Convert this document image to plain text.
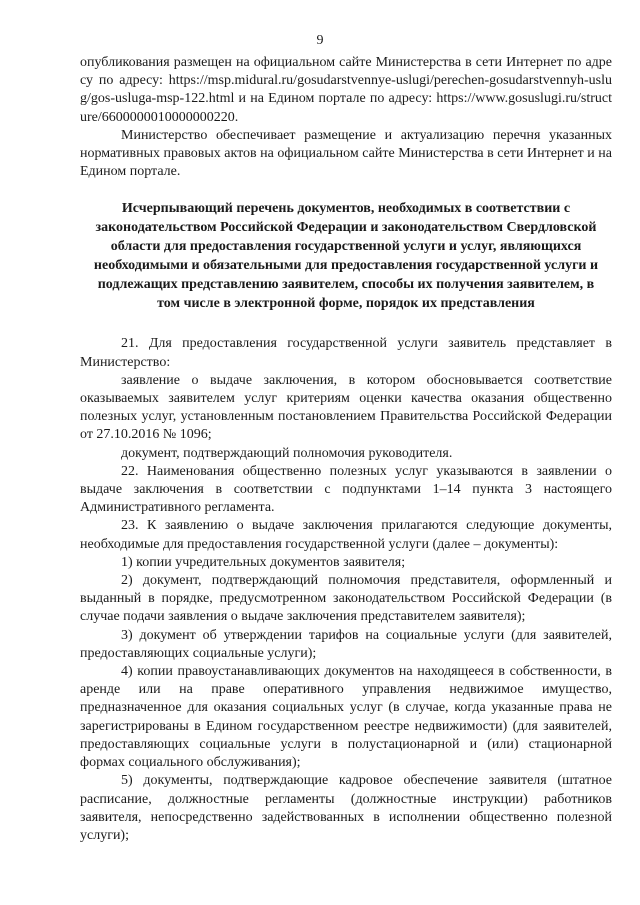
9

опубликования размещен на официальном сайте Министерства в сети Интернет по адресу по адресу: https://msp.midural.ru/gosudarstvennye-uslugi/perechen-gosudarstvennyh-uslug/gos-usluga-msp-122.html и на Едином портале по адресу: https://www.gosuslugi.ru/structure/6600000010000000220.

Министерство обеспечивает размещение и актуализацию перечня указанных нормативных правовых актов на официальном сайте Министерства в сети Интернет и на Едином портале.

Исчерпывающий перечень документов, необходимых в соответствии с законодательством Российской Федерации и законодательством Свердловской области для предоставления государственной услуги и услуг, являющихся необходимыми и обязательными для предоставления государственной услуги и подлежащих представлению заявителем, способы их получения заявителем, в том числе в электронной форме, порядок их представления

21. Для предоставления государственной услуги заявитель представляет в Министерство:

заявление о выдаче заключения, в котором обосновывается соответствие оказываемых заявителем услуг критериям оценки качества оказания общественно полезных услуг, установленным постановлением Правительства Российской Федерации от 27.10.2016 № 1096;

документ, подтверждающий полномочия руководителя.

22. Наименования общественно полезных услуг указываются в заявлении о выдаче заключения в соответствии с подпунктами 1–14 пункта 3 настоящего Административного регламента.

23. К заявлению о выдаче заключения прилагаются следующие документы, необходимые для предоставления государственной услуги (далее – документы):

1) копии учредительных документов заявителя;

2) документ, подтверждающий полномочия представителя, оформленный и выданный в порядке, предусмотренном законодательством Российской Федерации (в случае подачи заявления о выдаче заключения представителем заявителя);

3) документ об утверждении тарифов на социальные услуги (для заявителей, предоставляющих социальные услуги);

4) копии правоустанавливающих документов на находящееся в собственности, в аренде или на праве оперативного управления недвижимое имущество, предназначенное для оказания социальных услуг (в случае, когда указанные права не зарегистрированы в Едином государственном реестре недвижимости) (для заявителей, предоставляющих социальные услуги в полустационарной и (или) стационарной формах социального обслуживания);

5) документы, подтверждающие кадровое обеспечение заявителя (штатное расписание, должностные регламенты (должностные инструкции) работников заявителя, непосредственно задействованных в исполнении общественно полезной услуги);
